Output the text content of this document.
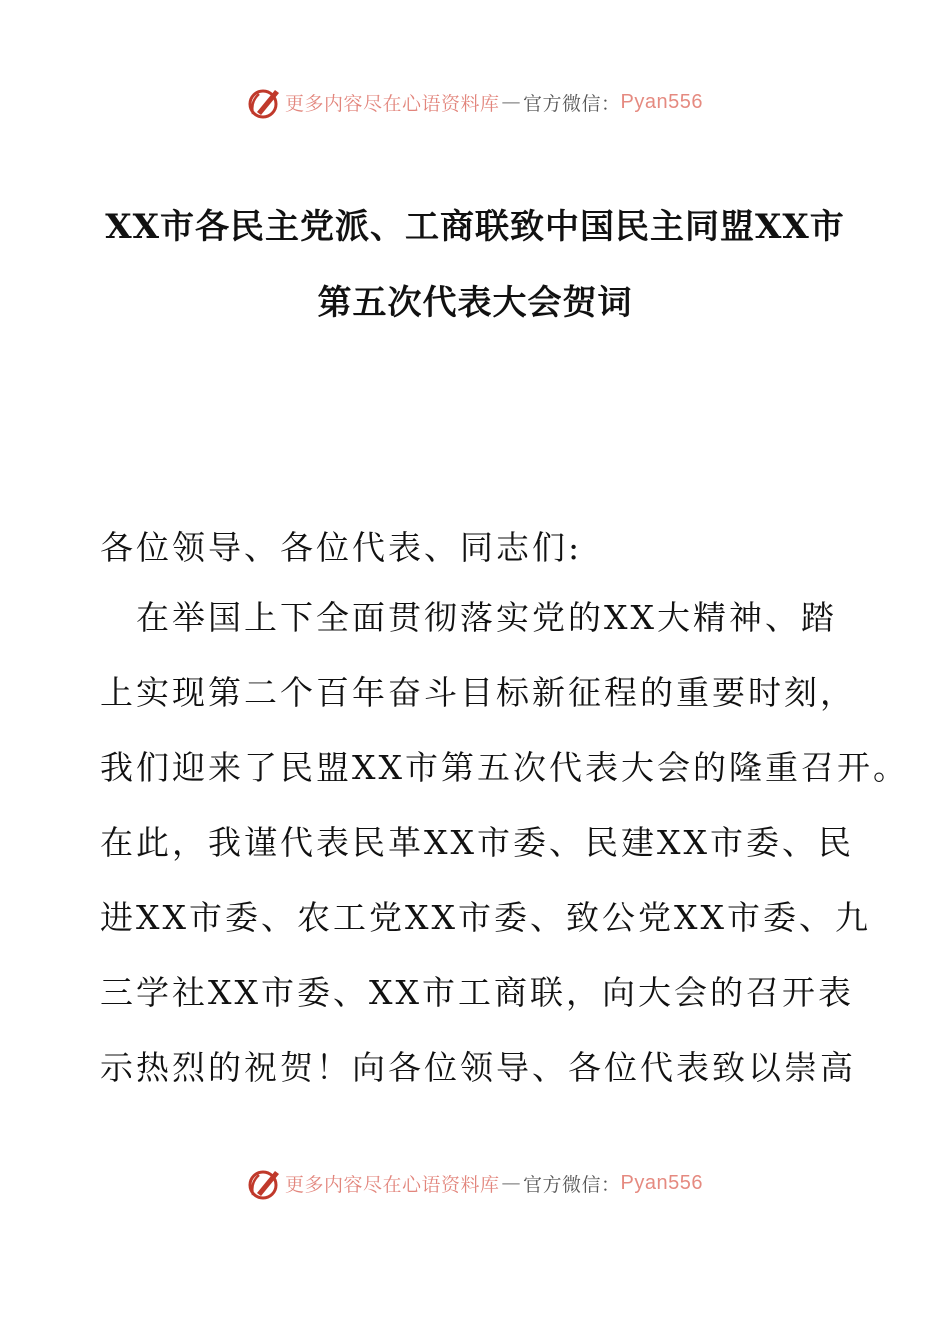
更多内容尽在心语资料库 — 官方微信： Pyan556
XX市各民主党派、工商联致中国民主同盟XX市
第五次代表大会贺词
各位领导、各位代表、同志们:
　在举国上下全面贯彻落实党的XX大精神、踏
上实现第二个百年奋斗目标新征程的重要时刻，
我们迎来了民盟XX市第五次代表大会的隆重召开。
在此，我谨代表民革XX市委、民建XX市委、民
进XX市委、农工党XX市委、致公党XX市委、九
三学社XX市委、XX市工商联，向大会的召开表
示热烈的祝贺！向各位领导、各位代表致以崇高
更多内容尽在心语资料库 — 官方微信： Pyan556
